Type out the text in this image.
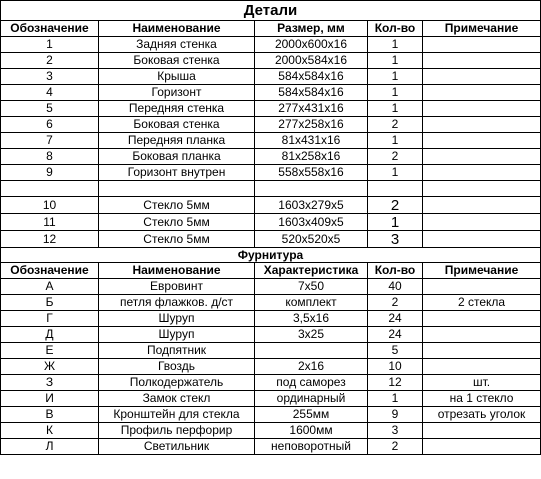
Детали				
Обозначение	Наименование	Размер, мм	Кол-во	Примечание
1	Задняя стенка	2000x600x16	1	
2	Боковая стенка	2000x584x16	1	
3	Крыша	584x584x16	1	
4	Горизонт	584x584x16	1	
5	Передняя стенка	277x431x16	1	
6	Боковая стенка	277x258x16	2	
7	Передняя планка	81x431x16	1	
8	Боковая планка	81x258x16	2	
9	Горизонт внутрен	558x558x16	1	

10	Стекло 5мм	1603x279x5	2	
11	Стекло 5мм	1603x409x5	1	
12	Стекло 5мм	520x520x5	3	
Фурнитура				
Обозначение	Наименование	Характеристика	Кол-во	Примечание
А	Евровинт	7x50	40	
Б	петля флажков. д/ст	комплект	2	2 стекла
Г	Шуруп	3,5x16	24	
Д	Шуруп	3x25	24	
Е	Подпятник		5	
Ж	Гвоздь	2x16	10	
З	Полкодержатель	под саморез	12	шт.
И	Замок стекл	ординарный	1	на 1 стекло
В	Кронштейн для стекла	255мм	9	отрезать уголок
К	Профиль перфорир	1600мм	3	
Л	Светильник	неповоротный	2	
